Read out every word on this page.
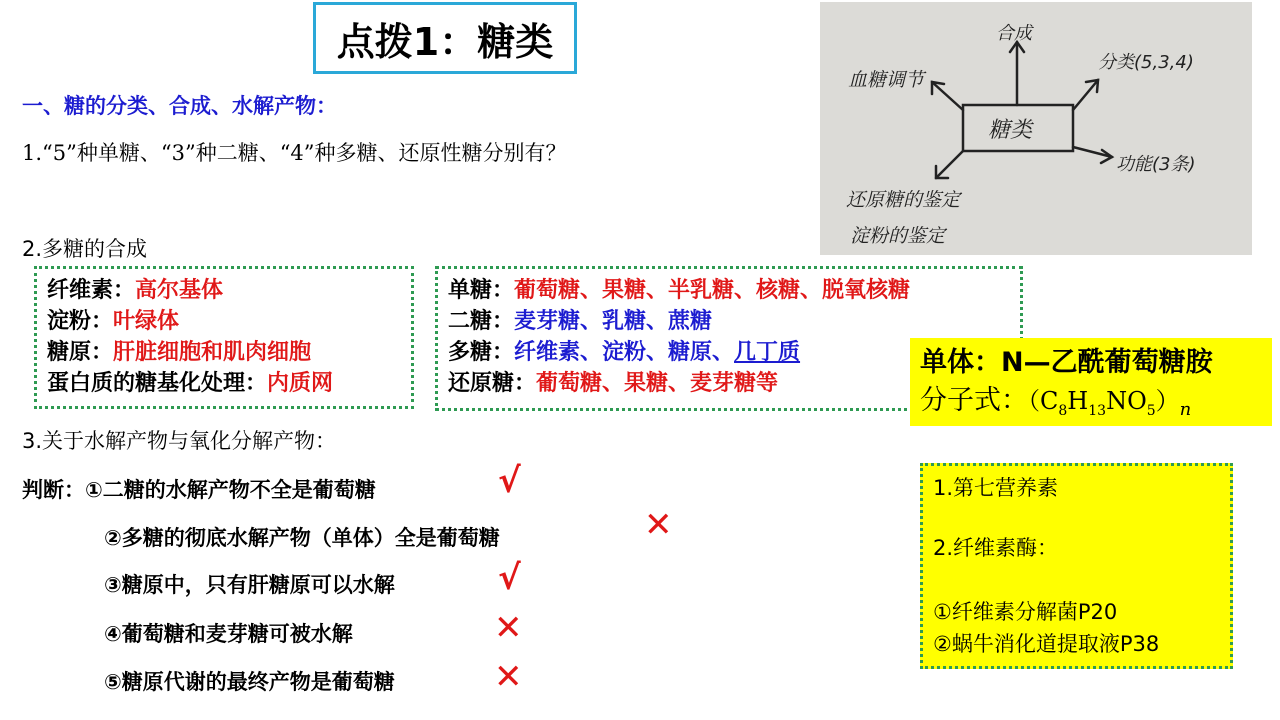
点拨1：糖类
一、糖的分类、合成、水解产物：
1.“5”种单糖、“3”种二糖、“4”种多糖、还原性糖分别有？
2.多糖的合成
纤维素：高尔基体
淀粉：叶绿体
糖原：肝脏细胞和肌肉细胞
蛋白质的糖基化处理：内质网
单糖：葡萄糖、果糖、半乳糖、核糖、脱氧核糖
二糖：麦芽糖、乳糖、蔗糖
多糖：纤维素、淀粉、糖原、几丁质
还原糖：葡萄糖、果糖、麦芽糖等
单体：N—乙酰葡萄糖胺
分子式：$(C_8H_{13}NO_5)_n$
3.关于水解产物与氧化分解产物：
判断：①二糖的水解产物不全是葡萄糖	√
②多糖的彻底水解产物（单体）全是葡萄糖	✕
③糖原中，只有肝糖原可以水解	√
④葡萄糖和麦芽糖可被水解	✕
⑤糖原代谢的最终产物是葡萄糖	✕
1.第七营养素
2.纤维素酶：
①纤维素分解菌P20
②蜗牛消化道提取液P38
糖类
合成
血糖调节
分类(5,3,4)
功能(3条)
还原糖的鉴定
淀粉的鉴定
